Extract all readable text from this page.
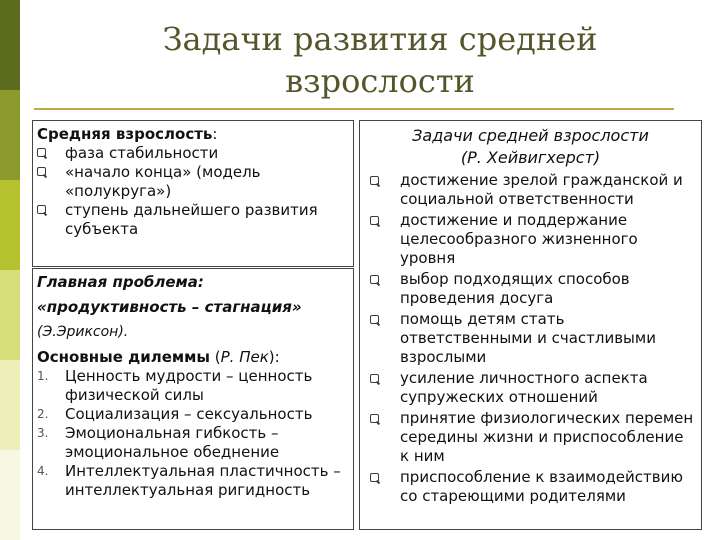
Задачи развития средней
взрослости
Средняя взрослость:
фаза стабильности
«начало конца» (модель «полукруга»)
ступень дальнейшего развития субъекта
Главная проблема:
«продуктивность – стагнация»
(Э.Эриксон).
Основные дилеммы (Р. Пек):
1. Ценность мудрости – ценность физической силы
2. Социализация – сексуальность
3. Эмоциональная гибкость – эмоциональное обеднение
4. Интеллектуальная пластичность – интеллектуальная ригидность
Задачи средней взрослости
(Р. Хейвигхерст)
достижение зрелой гражданской и социальной ответственности
достижение и поддержание целесообразного жизненного уровня
выбор подходящих способов проведения досуга
помощь детям стать ответственными и счастливыми взрослыми
усиление личностного аспекта супружеских отношений
принятие физиологических перемен середины жизни и приспособление к ним
приспособление к взаимодействию со стареющими родителями
